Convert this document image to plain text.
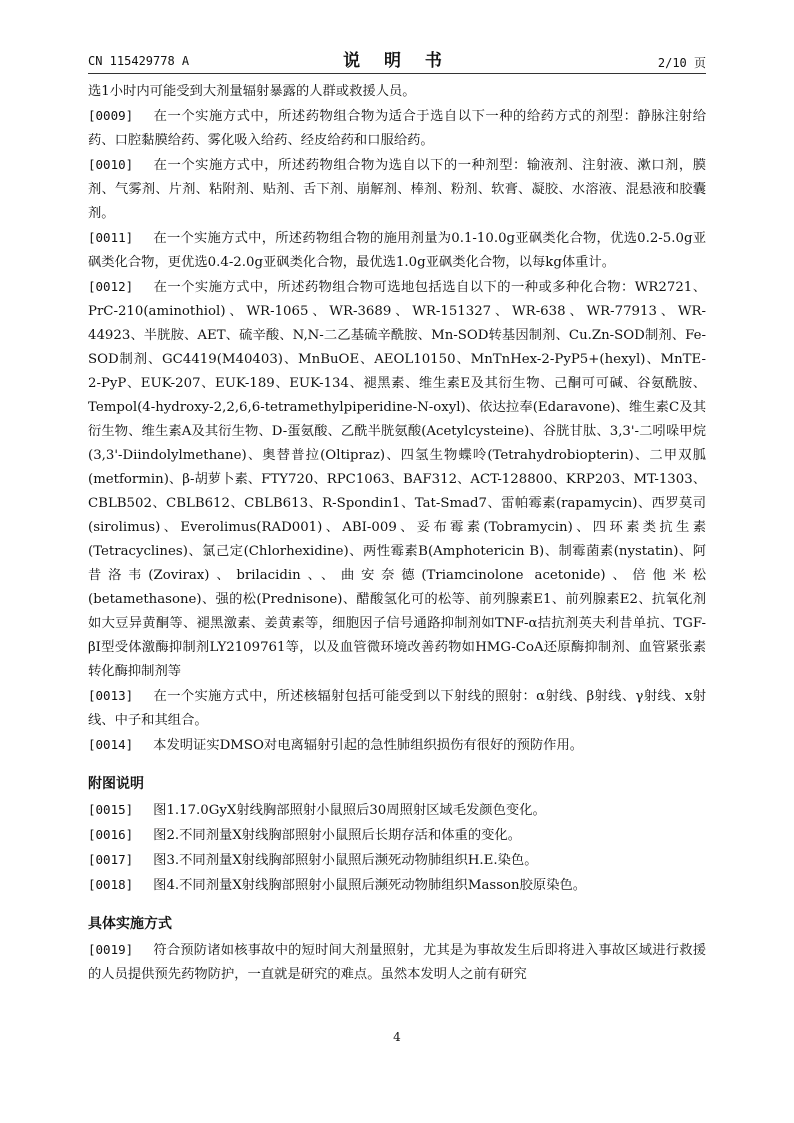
CN 115429778 A	说 明 书	2/10 页

选1小时内可能受到大剂量辐射暴露的人群或救援人员。

[0009] 在一个实施方式中，所述药物组合物为适合于选自以下一种的给药方式的剂型：静脉注射给药、口腔黏膜给药、雾化吸入给药、经皮给药和口服给药。

[0010] 在一个实施方式中，所述药物组合物为选自以下的一种剂型：输液剂、注射液、漱口剂，膜剂、气雾剂、片剂、粘附剂、贴剂、舌下剂、崩解剂、棒剂、粉剂、软膏、凝胶、水溶液、混悬液和胶囊剂。

[0011] 在一个实施方式中，所述药物组合物的施用剂量为0.1-10.0g亚砜类化合物，优选0.2-5.0g亚砜类化合物，更优选0.4-2.0g亚砜类化合物，最优选1.0g亚砜类化合物，以每kg体重计。

[0012] 在一个实施方式中，所述药物组合物可选地包括选自以下的一种或多种化合物：WR2721、PrC-210(aminothiol)、WR-1065、WR-3689、WR-151327、WR-638、WR-77913、WR-44923、半胱胺、AET、硫辛酸、N,N-二乙基硫辛酰胺、Mn-SOD转基因制剂、Cu.Zn-SOD制剂、Fe-SOD制剂、GC4419(M40403)、MnBuOE、AEOL10150、MnTnHex-2-PyP5+(hexyl)、MnTE-2-PyP、EUK-207、EUK-189、EUK-134、褪黑素、维生素E及其衍生物、己酮可可碱、谷氨酰胺、Tempol(4-hydroxy-2,2,6,6-tetramethylpiperidine-N-oxyl)、依达拉奉(Edaravone)、维生素C及其衍生物、维生素A及其衍生物、D-蛋氨酸、乙酰半胱氨酸(Acetylcysteine)、谷胱甘肽、3,3'-二吲哚甲烷(3,3'-Diindolylmethane)、奥替普拉(Oltipraz)、四氢生物蝶呤(Tetrahydrobiopterin)、二甲双胍(metformin)、β-胡萝卜素、FTY720、RPC1063、BAF312、ACT-128800、KRP203、MT-1303、CBLB502、CBLB612、CBLB613、R-Spondin1、Tat-Smad7、雷帕霉素(rapamycin)、西罗莫司(sirolimus)、Everolimus(RAD001)、ABI-009、妥布霉素(Tobramycin)、四环素类抗生素(Tetracyclines)、氯己定(Chlorhexidine)、两性霉素B(Amphotericin B)、制霉菌素(nystatin)、阿昔洛韦(Zovirax)、brilacidin、、曲安奈德(Triamcinolone acetonide)、倍他米松(betamethasone)、强的松(Prednisone)、醋酸氢化可的松等、前列腺素E1、前列腺素E2、抗氧化剂如大豆异黄酮等、褪黑激素、姜黄素等，细胞因子信号通路抑制剂如TNF-α拮抗剂英夫利昔单抗、TGF-βI型受体激酶抑制剂LY2109761等，以及血管微环境改善药物如HMG-CoA还原酶抑制剂、血管紧张素转化酶抑制剂等

[0013] 在一个实施方式中，所述核辐射包括可能受到以下射线的照射：α射线、β射线、γ射线、x射线、中子和其组合。

[0014] 本发明证实DMSO对电离辐射引起的急性肺组织损伤有很好的预防作用。

附图说明

[0015] 图1.17.0GyX射线胸部照射小鼠照后30周照射区域毛发颜色变化。

[0016] 图2.不同剂量X射线胸部照射小鼠照后长期存活和体重的变化。

[0017] 图3.不同剂量X射线胸部照射小鼠照后濒死动物肺组织H.E.染色。

[0018] 图4.不同剂量X射线胸部照射小鼠照后濒死动物肺组织Masson胶原染色。

具体实施方式

[0019] 符合预防诸如核事故中的短时间大剂量照射，尤其是为事故发生后即将进入事故区域进行救援的人员提供预先药物防护，一直就是研究的难点。虽然本发明人之前有研究

4
